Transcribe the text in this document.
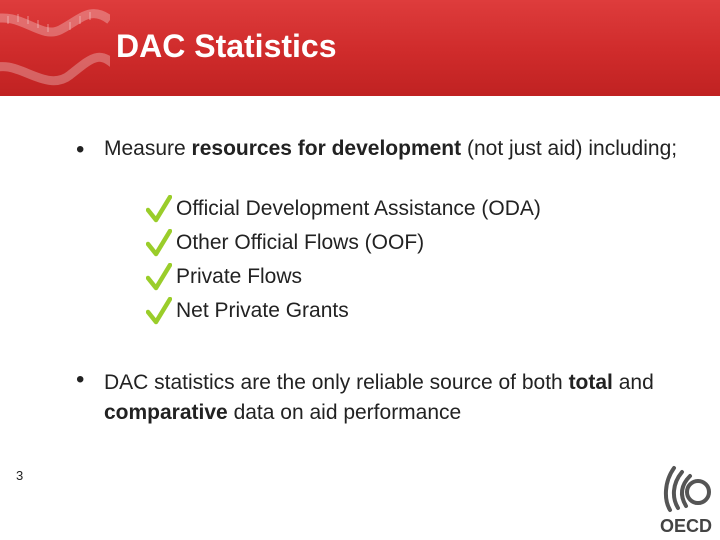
DAC Statistics
• Measure resources for development (not just aid) including;

Official Development Assistance (ODA)
Other Official Flows (OOF)
Private Flows
Net Private Grants
• DAC statistics are the only reliable source of both total and comparative data on aid performance

3
OECD
